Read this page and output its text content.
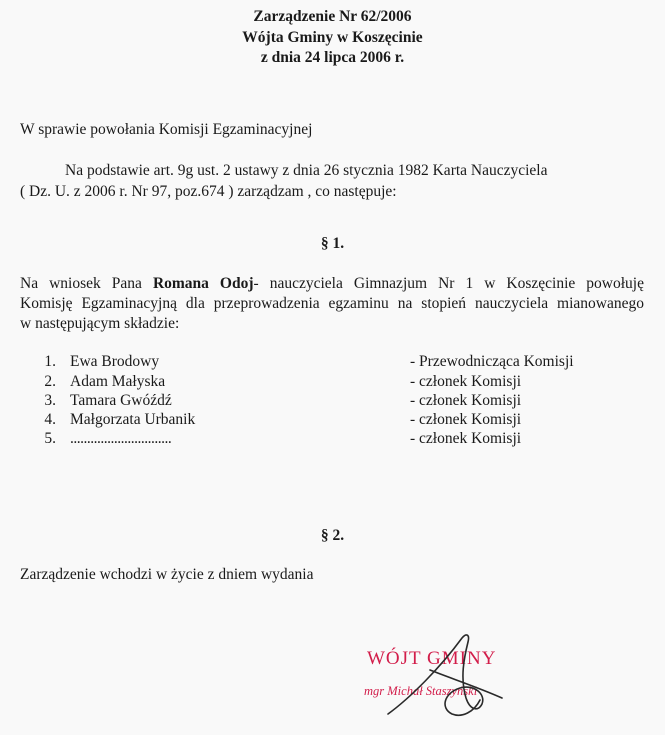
Zarządzenie Nr 62/2006
Wójta Gminy w Koszęcinie
z dnia 24 lipca 2006 r.
W sprawie powołania Komisji Egzaminacyjnej
Na podstawie art. 9g ust. 2 ustawy z dnia 26 stycznia 1982 Karta Nauczyciela
( Dz. U. z 2006 r. Nr 97, poz.674 ) zarządzam , co następuje:
§ 1.
Na wniosek Pana Romana Odoj- nauczyciela Gimnazjum Nr 1 w Koszęcinie powołuję
Komisję Egzaminacyjną dla przeprowadzenia egzaminu na stopień nauczyciela mianowanego
w następującym składzie:
1. Ewa Brodowy	- Przewodnicząca Komisji
2. Adam Małyska	- członek Komisji
3. Tamara Gwóźdź	- członek Komisji
4. Małgorzata Urbanik	- członek Komisji
5. ..............................	- członek Komisji
§ 2.
Zarządzenie wchodzi w życie z dniem wydania
WÓJT GMINY
mgr Michał Staszyński
